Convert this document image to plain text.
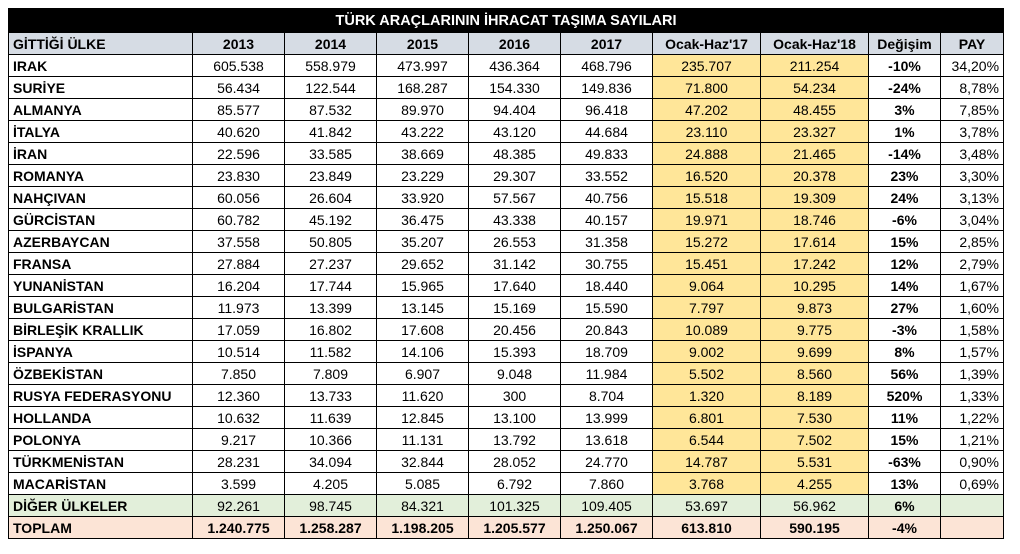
TÜRK ARAÇLARININ İHRACAT TAŞIMA SAYILARI									
GİTTİĞİ ÜLKE	2013	2014	2015	2016	2017	Ocak-Haz'17	Ocak-Haz'18	Değişim	PAY
IRAK	605.538	558.979	473.997	436.364	468.796	235.707	211.254	-10%	34,20%
SURİYE	56.434	122.544	168.287	154.330	149.836	71.800	54.234	-24%	8,78%
ALMANYA	85.577	87.532	89.970	94.404	96.418	47.202	48.455	3%	7,85%
İTALYA	40.620	41.842	43.222	43.120	44.684	23.110	23.327	1%	3,78%
İRAN	22.596	33.585	38.669	48.385	49.833	24.888	21.465	-14%	3,48%
ROMANYA	23.830	23.849	23.229	29.307	33.552	16.520	20.378	23%	3,30%
NAHÇIVAN	60.056	26.604	33.920	57.567	40.756	15.518	19.309	24%	3,13%
GÜRCİSTAN	60.782	45.192	36.475	43.338	40.157	19.971	18.746	-6%	3,04%
AZERBAYCAN	37.558	50.805	35.207	26.553	31.358	15.272	17.614	15%	2,85%
FRANSA	27.884	27.237	29.652	31.142	30.755	15.451	17.242	12%	2,79%
YUNANİSTAN	16.204	17.744	15.965	17.640	18.440	9.064	10.295	14%	1,67%
BULGARİSTAN	11.973	13.399	13.145	15.169	15.590	7.797	9.873	27%	1,60%
BİRLEŞİK KRALLIK	17.059	16.802	17.608	20.456	20.843	10.089	9.775	-3%	1,58%
İSPANYA	10.514	11.582	14.106	15.393	18.709	9.002	9.699	8%	1,57%
ÖZBEKİSTAN	7.850	7.809	6.907	9.048	11.984	5.502	8.560	56%	1,39%
RUSYA FEDERASYONU	12.360	13.733	11.620	300	8.704	1.320	8.189	520%	1,33%
HOLLANDA	10.632	11.639	12.845	13.100	13.999	6.801	7.530	11%	1,22%
POLONYA	9.217	10.366	11.131	13.792	13.618	6.544	7.502	15%	1,21%
TÜRKMENİSTAN	28.231	34.094	32.844	28.052	24.770	14.787	5.531	-63%	0,90%
MACARİSTAN	3.599	4.205	5.085	6.792	7.860	3.768	4.255	13%	0,69%
DİĞER ÜLKELER	92.261	98.745	84.321	101.325	109.405	53.697	56.962	6%	
TOPLAM	1.240.775	1.258.287	1.198.205	1.205.577	1.250.067	613.810	590.195	-4%	
